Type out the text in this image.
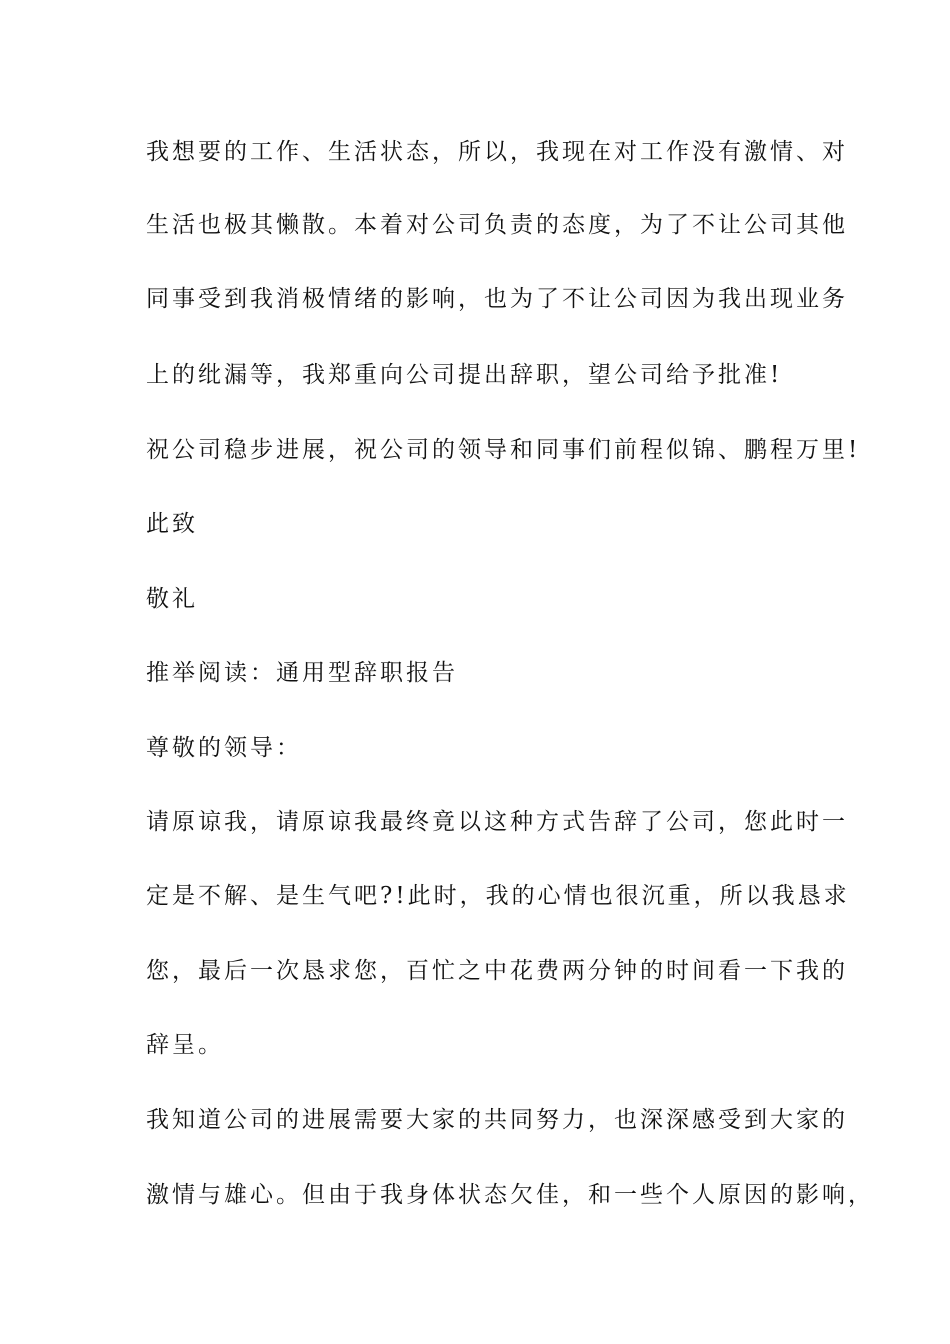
我想要的工作、生活状态，所以，我现在对工作没有激情、对
生活也极其懒散。本着对公司负责的态度，为了不让公司其他
同事受到我消极情绪的影响，也为了不让公司因为我出现业务
上的纰漏等，我郑重向公司提出辞职，望公司给予批准!
祝公司稳步进展，祝公司的领导和同事们前程似锦、鹏程万里!
此致
敬礼
推举阅读：通用型辞职报告
尊敬的领导：
请原谅我，请原谅我最终竟以这种方式告辞了公司，您此时一
定是不解、是生气吧?!此时，我的心情也很沉重，所以我恳求
您，最后一次恳求您，百忙之中花费两分钟的时间看一下我的
辞呈。
我知道公司的进展需要大家的共同努力，也深深感受到大家的
激情与雄心。但由于我身体状态欠佳，和一些个人原因的影响，
